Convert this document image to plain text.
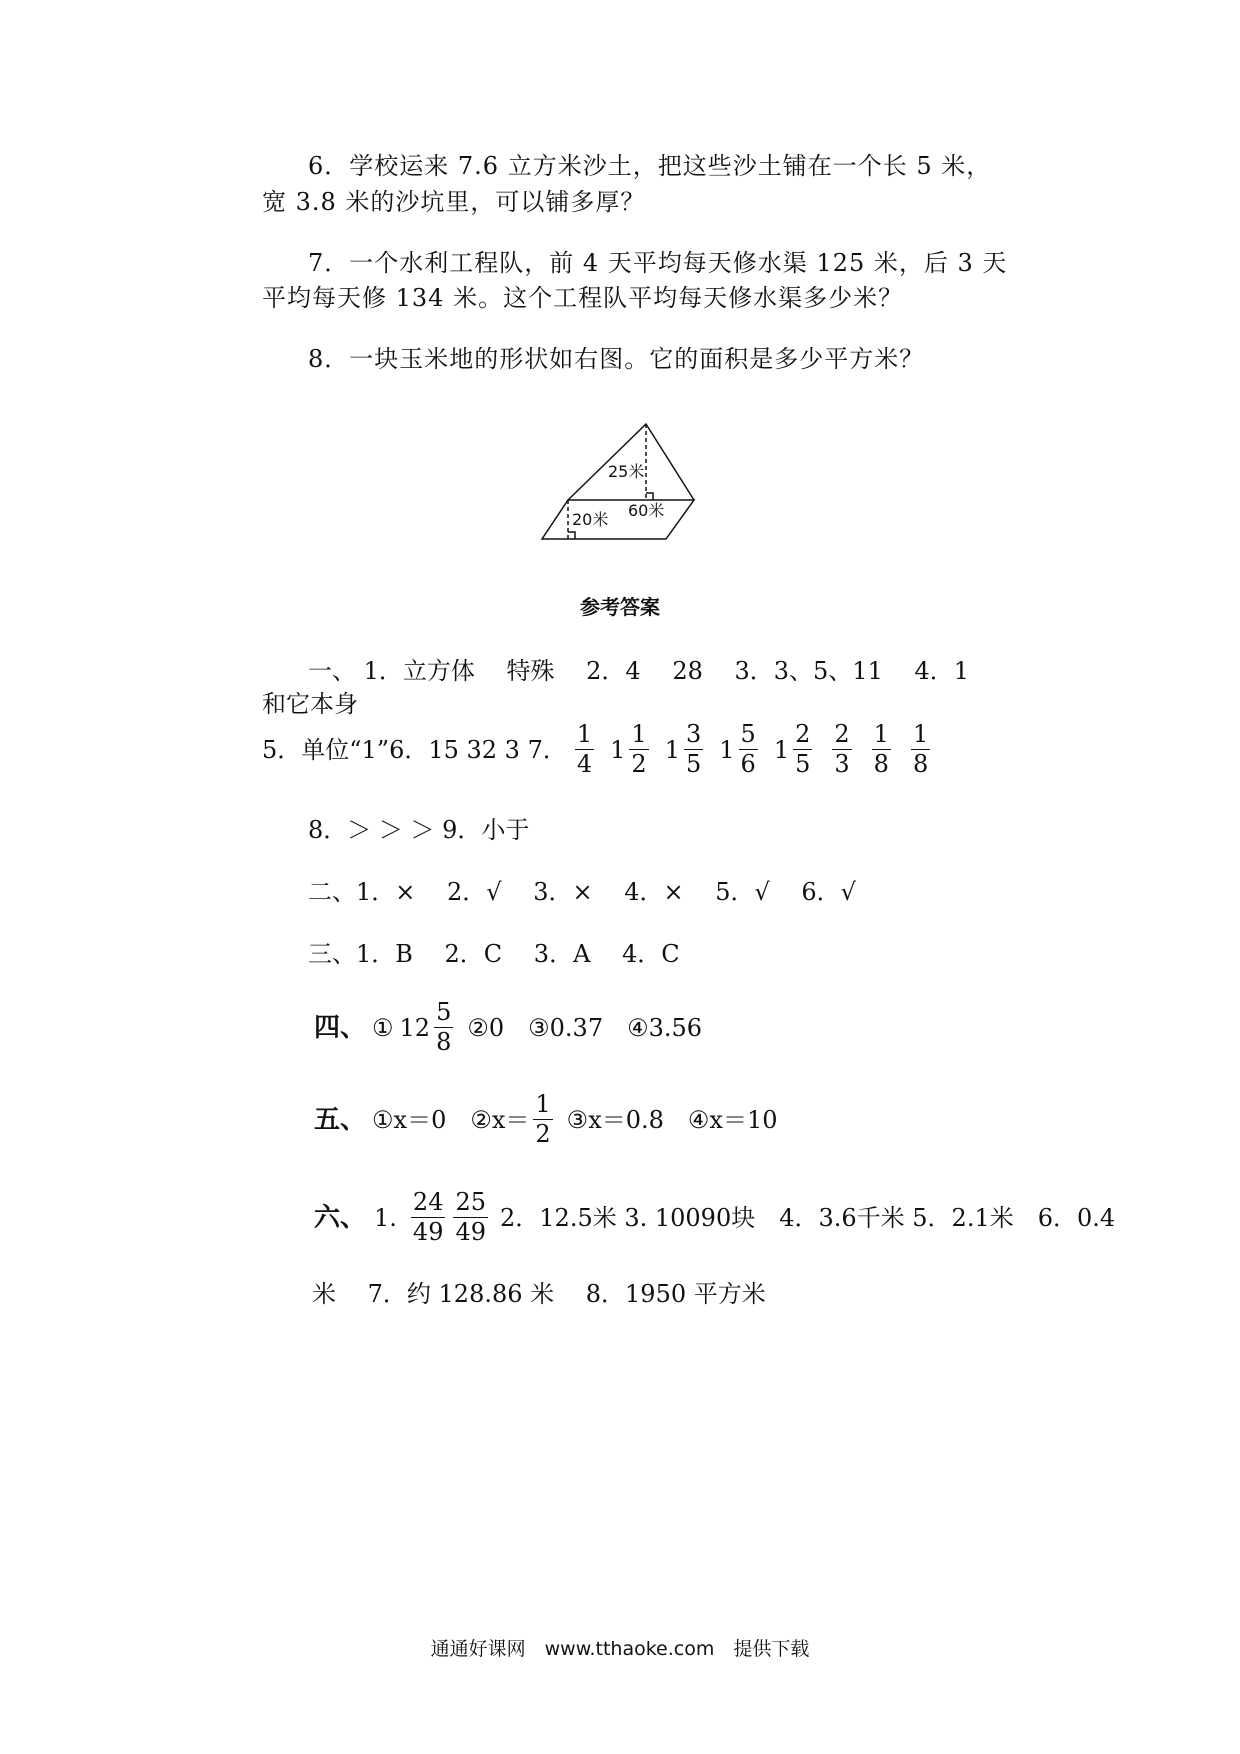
6．学校运来 7.6 立方米沙土，把这些沙土铺在一个长 5 米，
宽 3.8 米的沙坑里，可以铺多厚？
7．一个水利工程队，前 4 天平均每天修水渠 125 米，后 3 天
平均每天修 134 米。这个工程队平均每天修水渠多少米？
8．一块玉米地的形状如右图。它的面积是多少平方米？
25米
20米 60米
参考答案
一、 1．立方体　 特殊　 2．4　 28　 3．3、5、11　 4．1
和它本身
5．单位“1”6．15 32 3 7． $\frac{1}{4} 1 \frac{1}{2} 1 \frac{3}{5} 1 \frac{5}{6} 1 \frac{2}{5} \frac{2}{3} \frac{1}{8} \frac{1}{8}$
8．＞ ＞ ＞ 9．小于
二、1．×　 2．√　 3．×　 4．×　 5．√　 6．√
三、1．B　 2．C　 3．A　 4．C
四、 ① $12 \frac{5}{8}$ ②0　③0.37　④3.56
五、 ①x＝0　②x＝ $\frac{1}{2}$ ③x＝0.8　④x＝10
六、 1. $\frac{24}{49} \frac{25}{49} 2$．12.5米 3. 10090块　4．3.6千米 5．2.1米　6．0.4
米　 7．约 128.86 米　 8．1950 平方米
通通好课网　www.tthaoke.com　提供下载
